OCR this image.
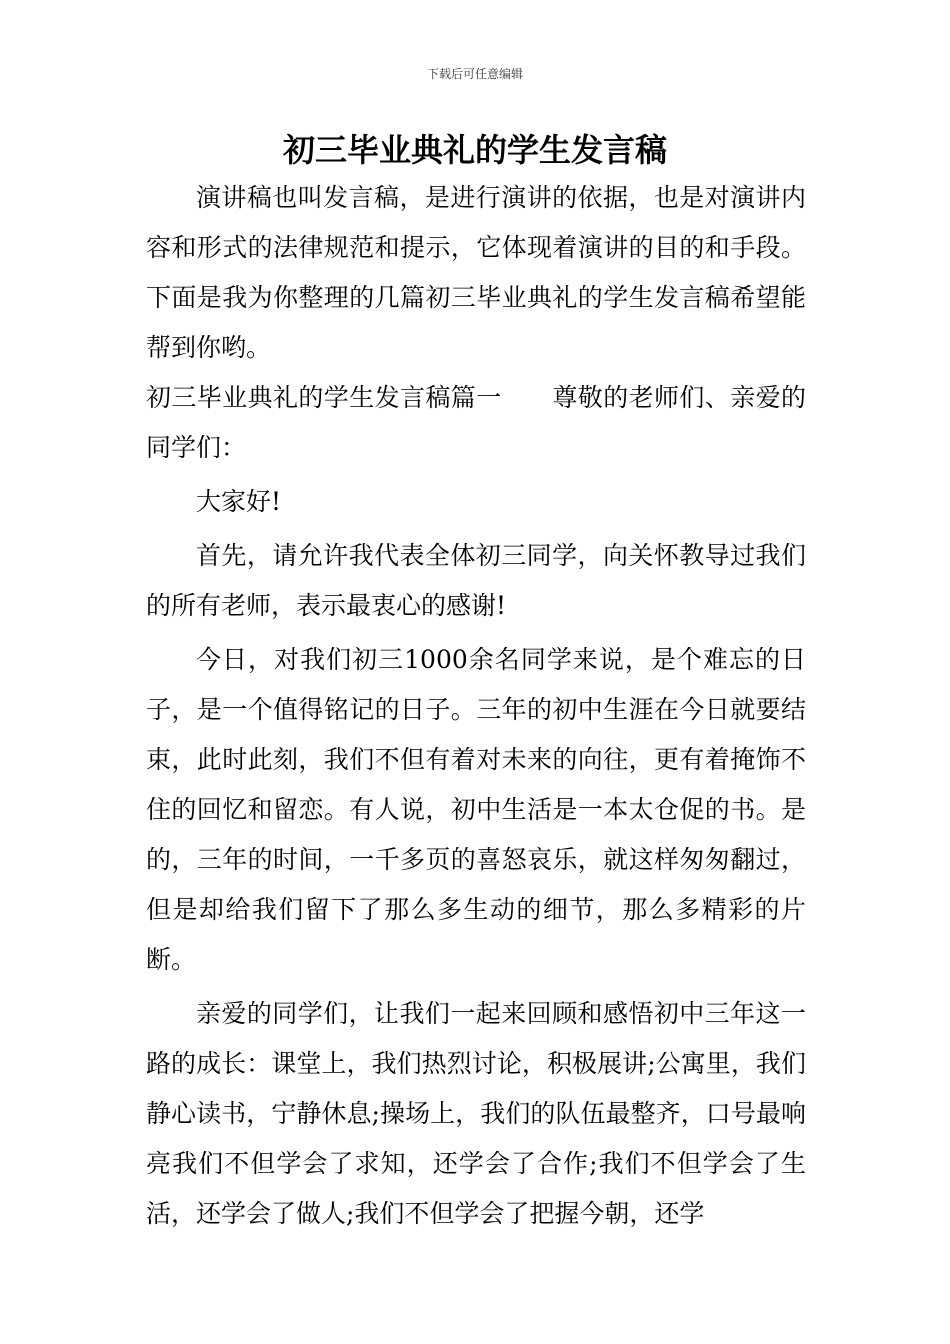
下载后可任意编辑
初三毕业典礼的学生发言稿

演讲稿也叫发言稿，是进行演讲的依据，也是对演讲内容和形式的法律规范和提示，它体现着演讲的目的和手段。下面是我为你整理的几篇初三毕业典礼的学生发言稿希望能帮到你哟。

初三毕业典礼的学生发言稿篇一　　尊敬的老师们、亲爱的同学们：

大家好!

首先，请允许我代表全体初三同学，向关怀教导过我们的所有老师，表示最衷心的感谢!

今日，对我们初三1000余名同学来说，是个难忘的日子，是一个值得铭记的日子。三年的初中生涯在今日就要结束，此时此刻，我们不但有着对未来的向往，更有着掩饰不住的回忆和留恋。有人说，初中生活是一本太仓促的书。是的，三年的时间，一千多页的喜怒哀乐，就这样匆匆翻过，但是却给我们留下了那么多生动的细节，那么多精彩的片断。

亲爱的同学们，让我们一起来回顾和感悟初中三年这一路的成长：课堂上，我们热烈讨论，积极展讲;公寓里，我们静心读书，宁静休息;操场上，我们的队伍最整齐，口号最响亮我们不但学会了求知，还学会了合作;我们不但学会了生活，还学会了做人;我们不但学会了把握今朝，还学
